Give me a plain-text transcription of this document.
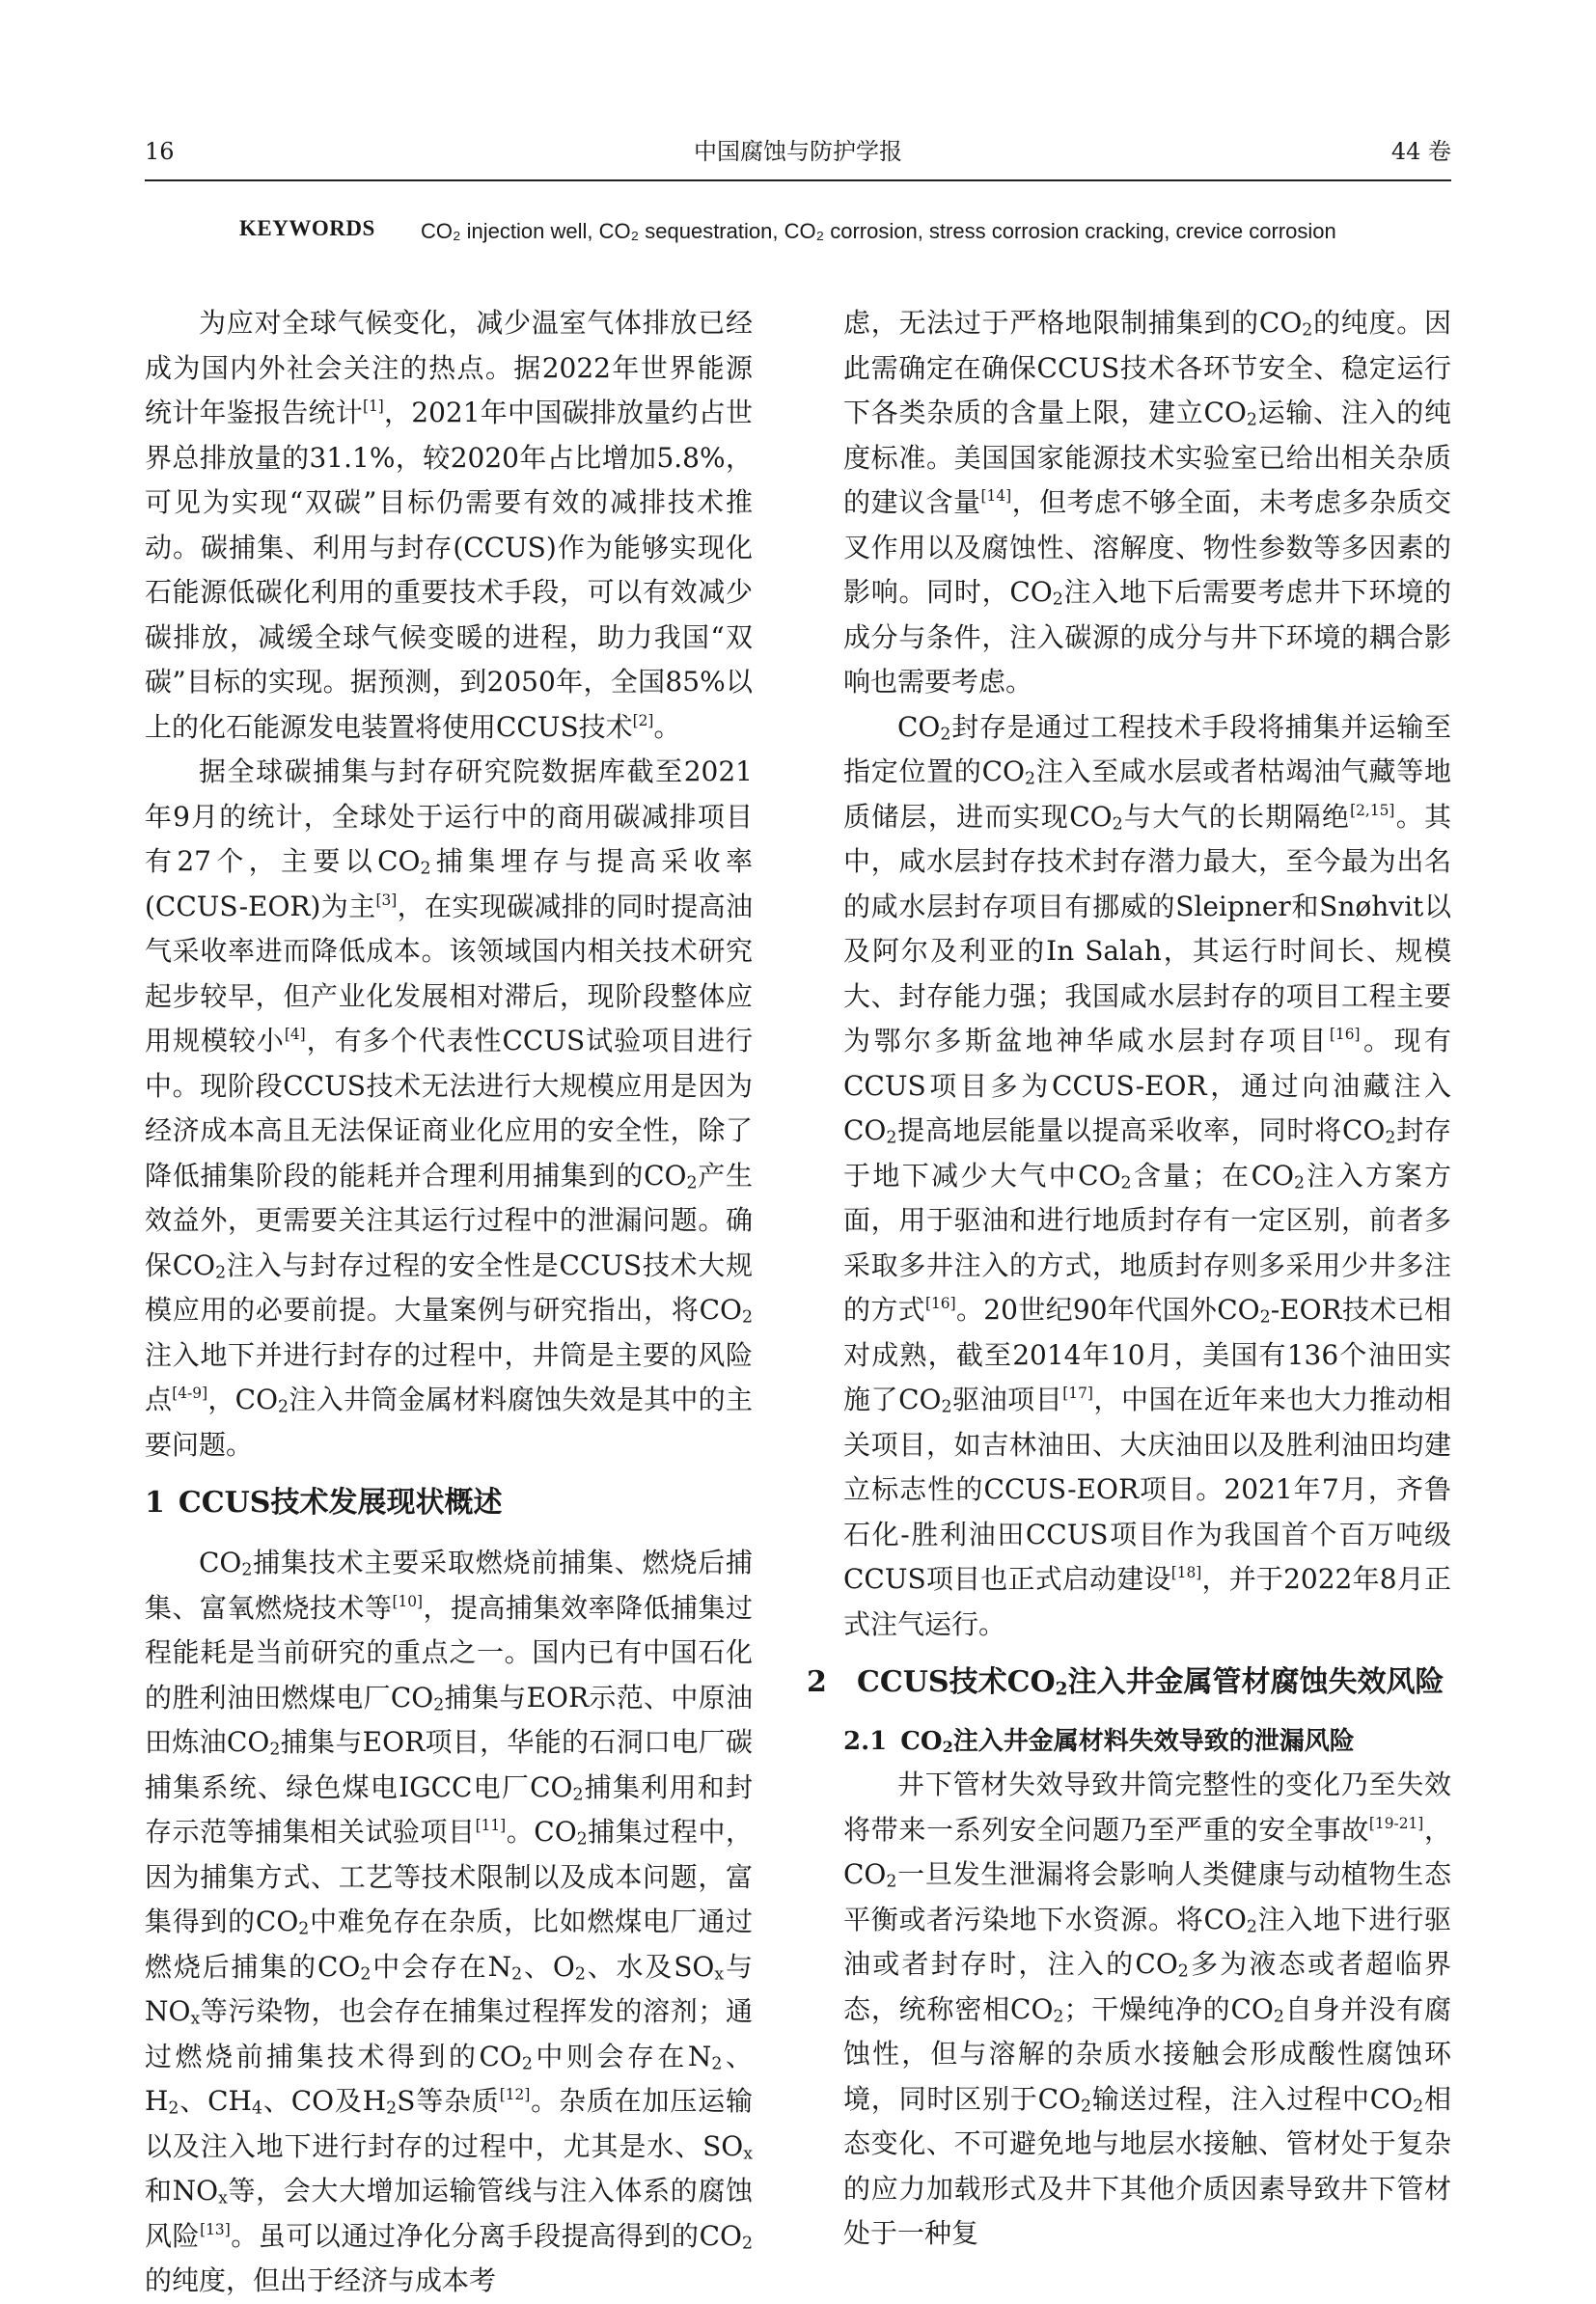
16	中国腐蚀与防护学报	44 卷
KEYWORDS CO₂ injection well, CO₂ sequestration, CO₂ corrosion, stress corrosion cracking, crevice corrosion

为应对全球气候变化，减少温室气体排放已经成为国内外社会关注的热点。据2022年世界能源统计年鉴报告统计[1]，2021年中国碳排放量约占世界总排放量的31.1%，较2020年占比增加5.8%，可见为实现“双碳”目标仍需要有效的减排技术推动。碳捕集、利用与封存(CCUS)作为能够实现化石能源低碳化利用的重要技术手段，可以有效减少碳排放，减缓全球气候变暖的进程，助力我国“双碳”目标的实现。据预测，到2050年，全国85%以上的化石能源发电装置将使用CCUS技术[2]。

据全球碳捕集与封存研究院数据库截至2021年9月的统计，全球处于运行中的商用碳减排项目有27个，主要以$CO_2$捕集埋存与提高采收率(CCUS-EOR)为主[3]，在实现碳减排的同时提高油气采收率进而降低成本。该领域国内相关技术研究起步较早，但产业化发展相对滞后，现阶段整体应用规模较小[4]，有多个代表性CCUS试验项目进行中。现阶段CCUS技术无法进行大规模应用是因为经济成本高且无法保证商业化应用的安全性，除了降低捕集阶段的能耗并合理利用捕集到的$CO_2$产生效益外，更需要关注其运行过程中的泄漏问题。确保$CO_2$注入与封存过程的安全性是CCUS技术大规模应用的必要前提。大量案例与研究指出，将$CO_2$注入地下并进行封存的过程中，井筒是主要的风险点[4-9]，$CO_2$注入井筒金属材料腐蚀失效是其中的主要问题。

1 CCUS技术发展现状概述

$CO_2$捕集技术主要采取燃烧前捕集、燃烧后捕集、富氧燃烧技术等[10]，提高捕集效率降低捕集过程能耗是当前研究的重点之一。国内已有中国石化的胜利油田燃煤电厂$CO_2$捕集与EOR示范、中原油田炼油$CO_2$捕集与EOR项目，华能的石洞口电厂碳捕集系统、绿色煤电IGCC电厂$CO_2$捕集利用和封存示范等捕集相关试验项目[11]。$CO_2$捕集过程中，因为捕集方式、工艺等技术限制以及成本问题，富集得到的$CO_2$中难免存在杂质，比如燃煤电厂通过燃烧后捕集的$CO_2$中会存在$N_2$、$O_2$、水及$SO_x$与$NO_x$等污染物，也会存在捕集过程挥发的溶剂；通过燃烧前捕集技术得到的$CO_2$中则会存在$N_2$、$H_2$、$CH_4$、CO及$H_2S$等杂质[12]。杂质在加压运输以及注入地下进行封存的过程中，尤其是水、$SO_x$和$NO_x$等，会大大增加运输管线与注入体系的腐蚀风险[13]。虽可以通过净化分离手段提高得到的$CO_2$的纯度，但出于经济与成本考

虑，无法过于严格地限制捕集到的$CO_2$的纯度。因此需确定在确保CCUS技术各环节安全、稳定运行下各类杂质的含量上限，建立$CO_2$运输、注入的纯度标准。美国国家能源技术实验室已给出相关杂质的建议含量[14]，但考虑不够全面，未考虑多杂质交叉作用以及腐蚀性、溶解度、物性参数等多因素的影响。同时，$CO_2$注入地下后需要考虑井下环境的成分与条件，注入碳源的成分与井下环境的耦合影响也需要考虑。

$CO_2$封存是通过工程技术手段将捕集并运输至指定位置的$CO_2$注入至咸水层或者枯竭油气藏等地质储层，进而实现$CO_2$与大气的长期隔绝[2,15]。其中，咸水层封存技术封存潜力最大，至今最为出名的咸水层封存项目有挪威的Sleipner和Snøhvit以及阿尔及利亚的In Salah，其运行时间长、规模大、封存能力强；我国咸水层封存的项目工程主要为鄂尔多斯盆地神华咸水层封存项目[16]。现有CCUS项目多为CCUS-EOR，通过向油藏注入$CO_2$提高地层能量以提高采收率，同时将$CO_2$封存于地下减少大气中$CO_2$含量；在$CO_2$注入方案方面，用于驱油和进行地质封存有一定区别，前者多采取多井注入的方式，地质封存则多采用少井多注的方式[16]。20世纪90年代国外$CO_2$-EOR技术已相对成熟，截至2014年10月，美国有136个油田实施了$CO_2$驱油项目[17]，中国在近年来也大力推动相关项目，如吉林油田、大庆油田以及胜利油田均建立标志性的CCUS-EOR项目。2021年7月，齐鲁石化-胜利油田CCUS项目作为我国首个百万吨级CCUS项目也正式启动建设[18]，并于2022年8月正式注气运行。

2 CCUS技术$CO_2$注入井金属管材腐蚀失效风险
2.1 $CO_2$注入井金属材料失效导致的泄漏风险

井下管材失效导致井筒完整性的变化乃至失效将带来一系列安全问题乃至严重的安全事故[19-21]，$CO_2$一旦发生泄漏将会影响人类健康与动植物生态平衡或者污染地下水资源。将$CO_2$注入地下进行驱油或者封存时，注入的$CO_2$多为液态或者超临界态，统称密相$CO_2$；干燥纯净的$CO_2$自身并没有腐蚀性，但与溶解的杂质水接触会形成酸性腐蚀环境，同时区别于$CO_2$输送过程，注入过程中$CO_2$相态变化、不可避免地与地层水接触、管材处于复杂的应力加载形式及井下其他介质因素导致井下管材处于一种复
